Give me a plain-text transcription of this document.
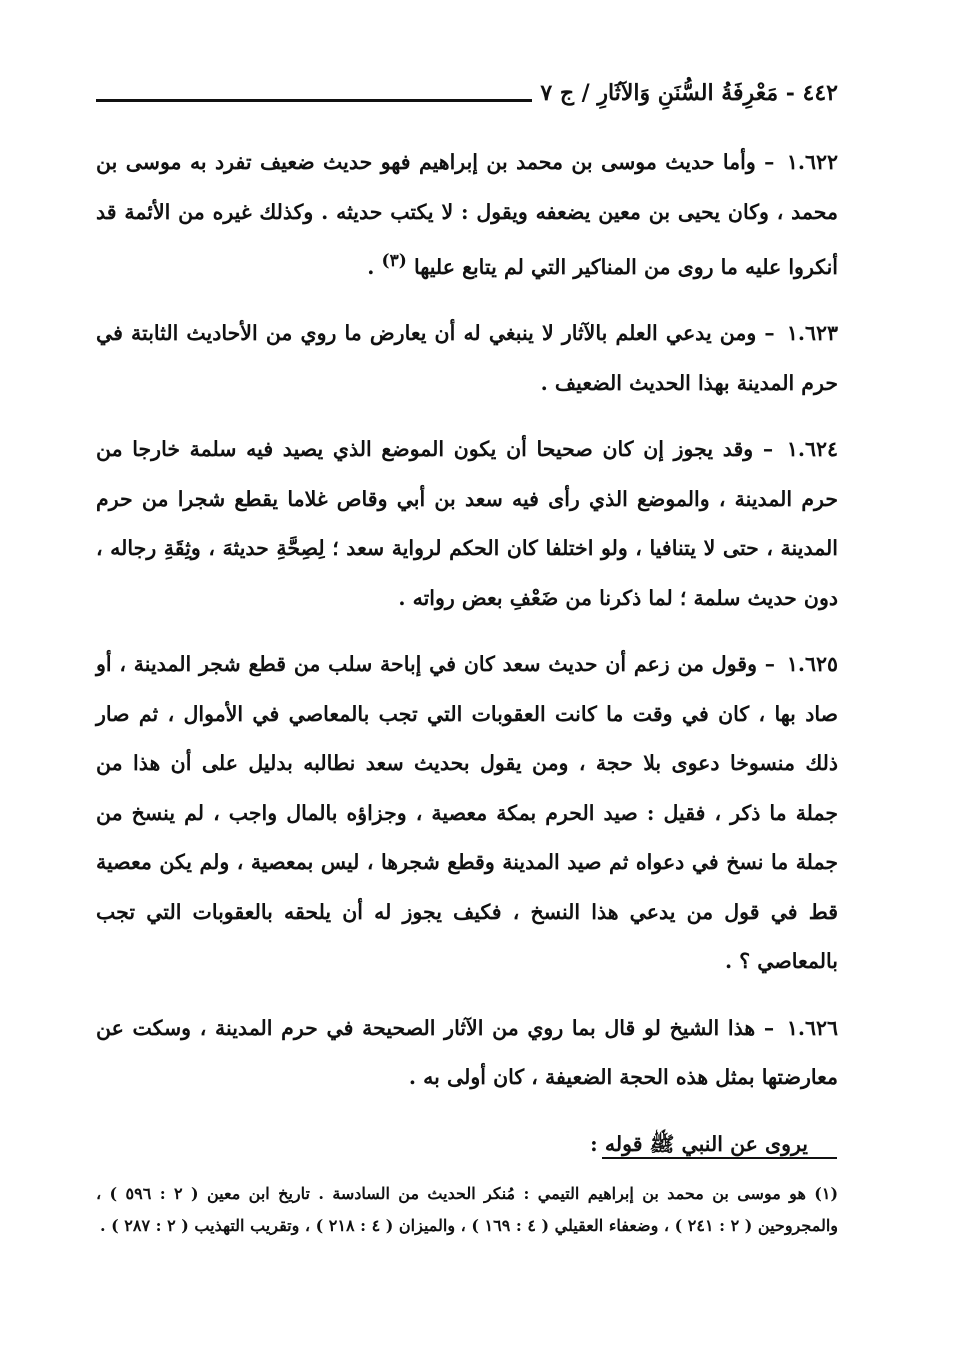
٤٤٢ - مَعْرِفَةُ السُّنَنِ وَالآثَارِ / ج ٧

١.٦٢٢ – وأما حديث موسى بن محمد بن إبراهيم فهو حديث ضعيف تفرد به موسى بن محمد ، وكان يحيى بن معين يضعفه ويقول : لا يكتب حديثه . وكذلك غيره من الأئمة قد أنكروا عليه ما روى من المناكير التي لم يتابع عليها $^{(٣)}$ .

١.٦٢٣ – ومن يدعي العلم بالآثار لا ينبغي له أن يعارض ما روي من الأحاديث الثابتة في حرم المدينة بهذا الحديث الضعيف .

١.٦٢٤ – وقد يجوز إن كان صحيحا أن يكون الموضع الذي يصيد فيه سلمة خارجا من حرم المدينة ، والموضع الذي رأى فيه سعد بن أبي وقاص غلاما يقطع شجرا من حرم المدينة ، حتى لا يتنافيا ، ولو اختلفا كان الحكم لرواية سعد ؛ لِصِحَّةِ حديثهَ ، وثِقَةِ رجاله ، دون حديث سلمة ؛ لما ذكرنا من ضَعْفِ بعض رواته .

١.٦٢٥ – وقول من زعم أن حديث سعد كان في إباحة سلب من قطع شجر المدينة ، أو صاد بها ، كان في وقت ما كانت العقوبات التي تجب بالمعاصي في الأموال ، ثم صار ذلك منسوخا دعوى بلا حجة ، ومن يقول بحديث سعد نطالبه بدليل على أن هذا من جملة ما ذكر ، فقيل : صيد الحرم بمكة معصية ، وجزاؤه بالمال واجب ، لم ينسخ من جملة ما نسخ في دعواه ثم صيد المدينة وقطع شجرها ، ليس بمعصية ، ولم يكن معصية قط في قول من يدعي هذا النسخ ، فكيف يجوز له أن يلحقه بالعقوبات التي تجب بالمعاصي ؟ .

١.٦٢٦ – هذا الشيخ لو قال بما روي من الآثار الصحيحة في حرم المدينة ، وسكت عن معارضتها بمثل هذه الحجة الضعيفة ، كان أولى به .

يروى عن النبي ﷺ قوله :

(١) هو موسى بن محمد بن إبراهيم التيمي : مُنكر الحديث من السادسة . تاريخ ابن معين ( ٢ : ٥٩٦ ) ، والمجروحين ( ٢ : ٢٤١ ) ، وضعفاء العقيلي ( ٤ : ١٦٩ ) ، والميزان ( ٤ : ٢١٨ ) ، وتقريب التهذيب ( ٢ : ٢٨٧ ) .
